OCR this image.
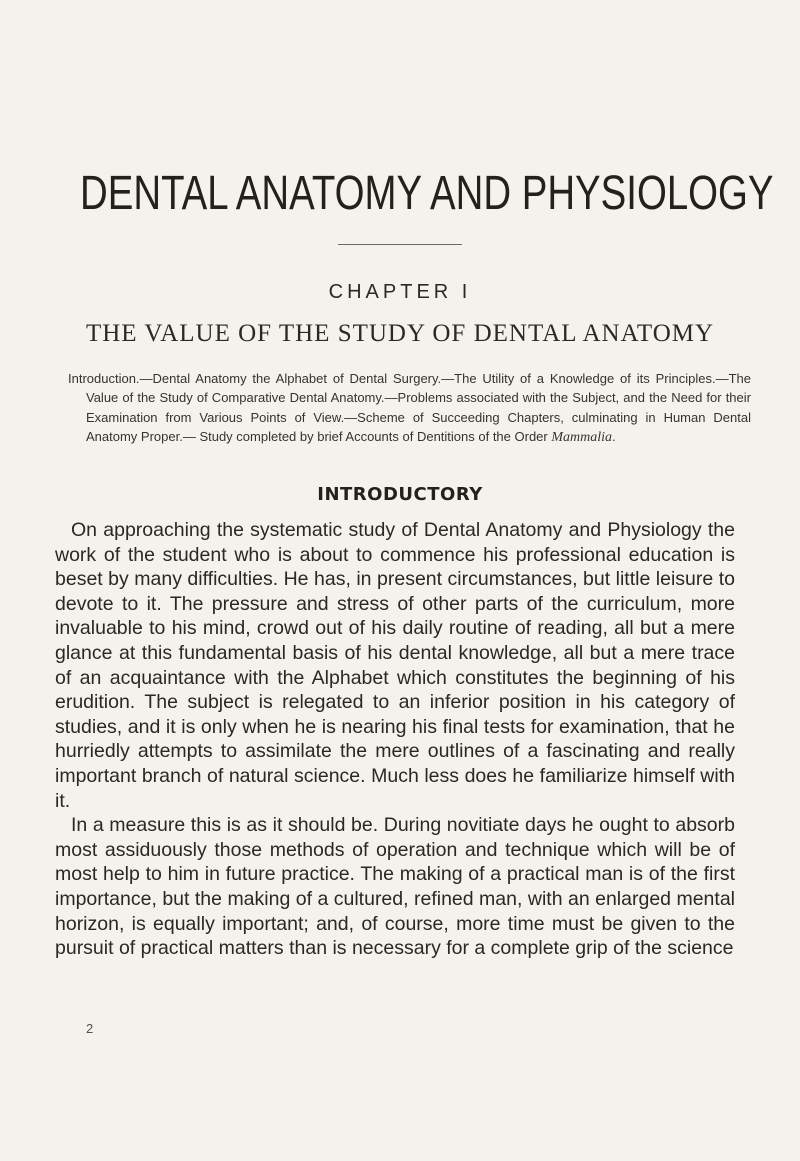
DENTAL ANATOMY AND PHYSIOLOGY
CHAPTER I
THE VALUE OF THE STUDY OF DENTAL ANATOMY

Introduction.—Dental Anatomy the Alphabet of Dental Surgery.—The Utility of a Knowledge of its Principles.—The Value of the Study of Comparative Dental Anatomy.—Problems associated with the Subject, and the Need for their Examination from Various Points of View.—Scheme of Succeeding Chapters, culminating in Human Dental Anatomy Proper.— Study completed by brief Accounts of Dentitions of the Order Mammalia.

INTRODUCTORY

On approaching the systematic study of Dental Anatomy and Physiology the work of the student who is about to commence his professional education is beset by many difficulties. He has, in present circumstances, but little leisure to devote to it. The pressure and stress of other parts of the curriculum, more invaluable to his mind, crowd out of his daily routine of reading, all but a mere glance at this fundamental basis of his dental knowledge, all but a mere trace of an acquaintance with the Alphabet which constitutes the beginning of his erudition. The subject is relegated to an inferior position in his category of studies, and it is only when he is nearing his final tests for examination, that he hurriedly attempts to assimilate the mere outlines of a fascinating and really important branch of natural science. Much less does he familiarize himself with it.

In a measure this is as it should be. During novitiate days he ought to absorb most assiduously those methods of operation and technique which will be of most help to him in future practice. The making of a practical man is of the first importance, but the making of a cultured, refined man, with an enlarged mental horizon, is equally important; and, of course, more time must be given to the pursuit of practical matters than is necessary for a complete grip of the science

2
